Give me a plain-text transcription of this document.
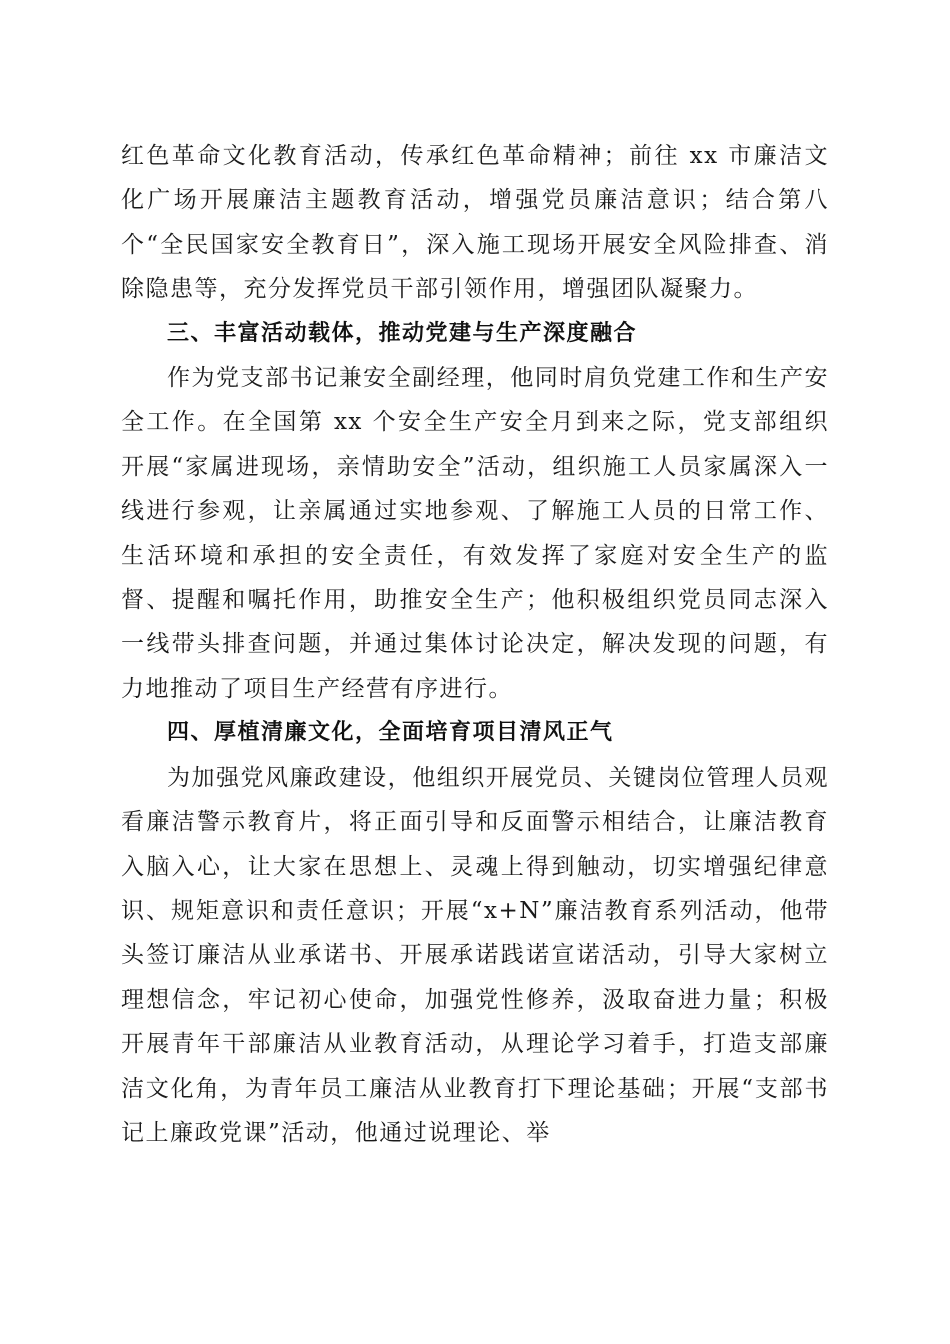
红色革命文化教育活动，传承红色革命精神；前往 xx 市廉洁文化广场开展廉洁主题教育活动，增强党员廉洁意识；结合第八个“全民国家安全教育日”，深入施工现场开展安全风险排查、消除隐患等，充分发挥党员干部引领作用，增强团队凝聚力。

三、丰富活动载体，推动党建与生产深度融合

作为党支部书记兼安全副经理，他同时肩负党建工作和生产安全工作。在全国第 xx 个安全生产安全月到来之际，党支部组织开展“家属进现场，亲情助安全”活动，组织施工人员家属深入一线进行参观，让亲属通过实地参观、了解施工人员的日常工作、生活环境和承担的安全责任，有效发挥了家庭对安全生产的监督、提醒和嘱托作用，助推安全生产；他积极组织党员同志深入一线带头排查问题，并通过集体讨论决定，解决发现的问题，有力地推动了项目生产经营有序进行。

四、厚植清廉文化，全面培育项目清风正气

为加强党风廉政建设，他组织开展党员、关键岗位管理人员观看廉洁警示教育片，将正面引导和反面警示相结合，让廉洁教育入脑入心，让大家在思想上、灵魂上得到触动，切实增强纪律意识、规矩意识和责任意识；开展“x+N”廉洁教育系列活动，他带头签订廉洁从业承诺书、开展承诺践诺宣诺活动，引导大家树立理想信念，牢记初心使命，加强党性修养，汲取奋进力量；积极开展青年干部廉洁从业教育活动，从理论学习着手，打造支部廉洁文化角，为青年员工廉洁从业教育打下理论基础；开展“支部书记上廉政党课”活动，他通过说理论、举
